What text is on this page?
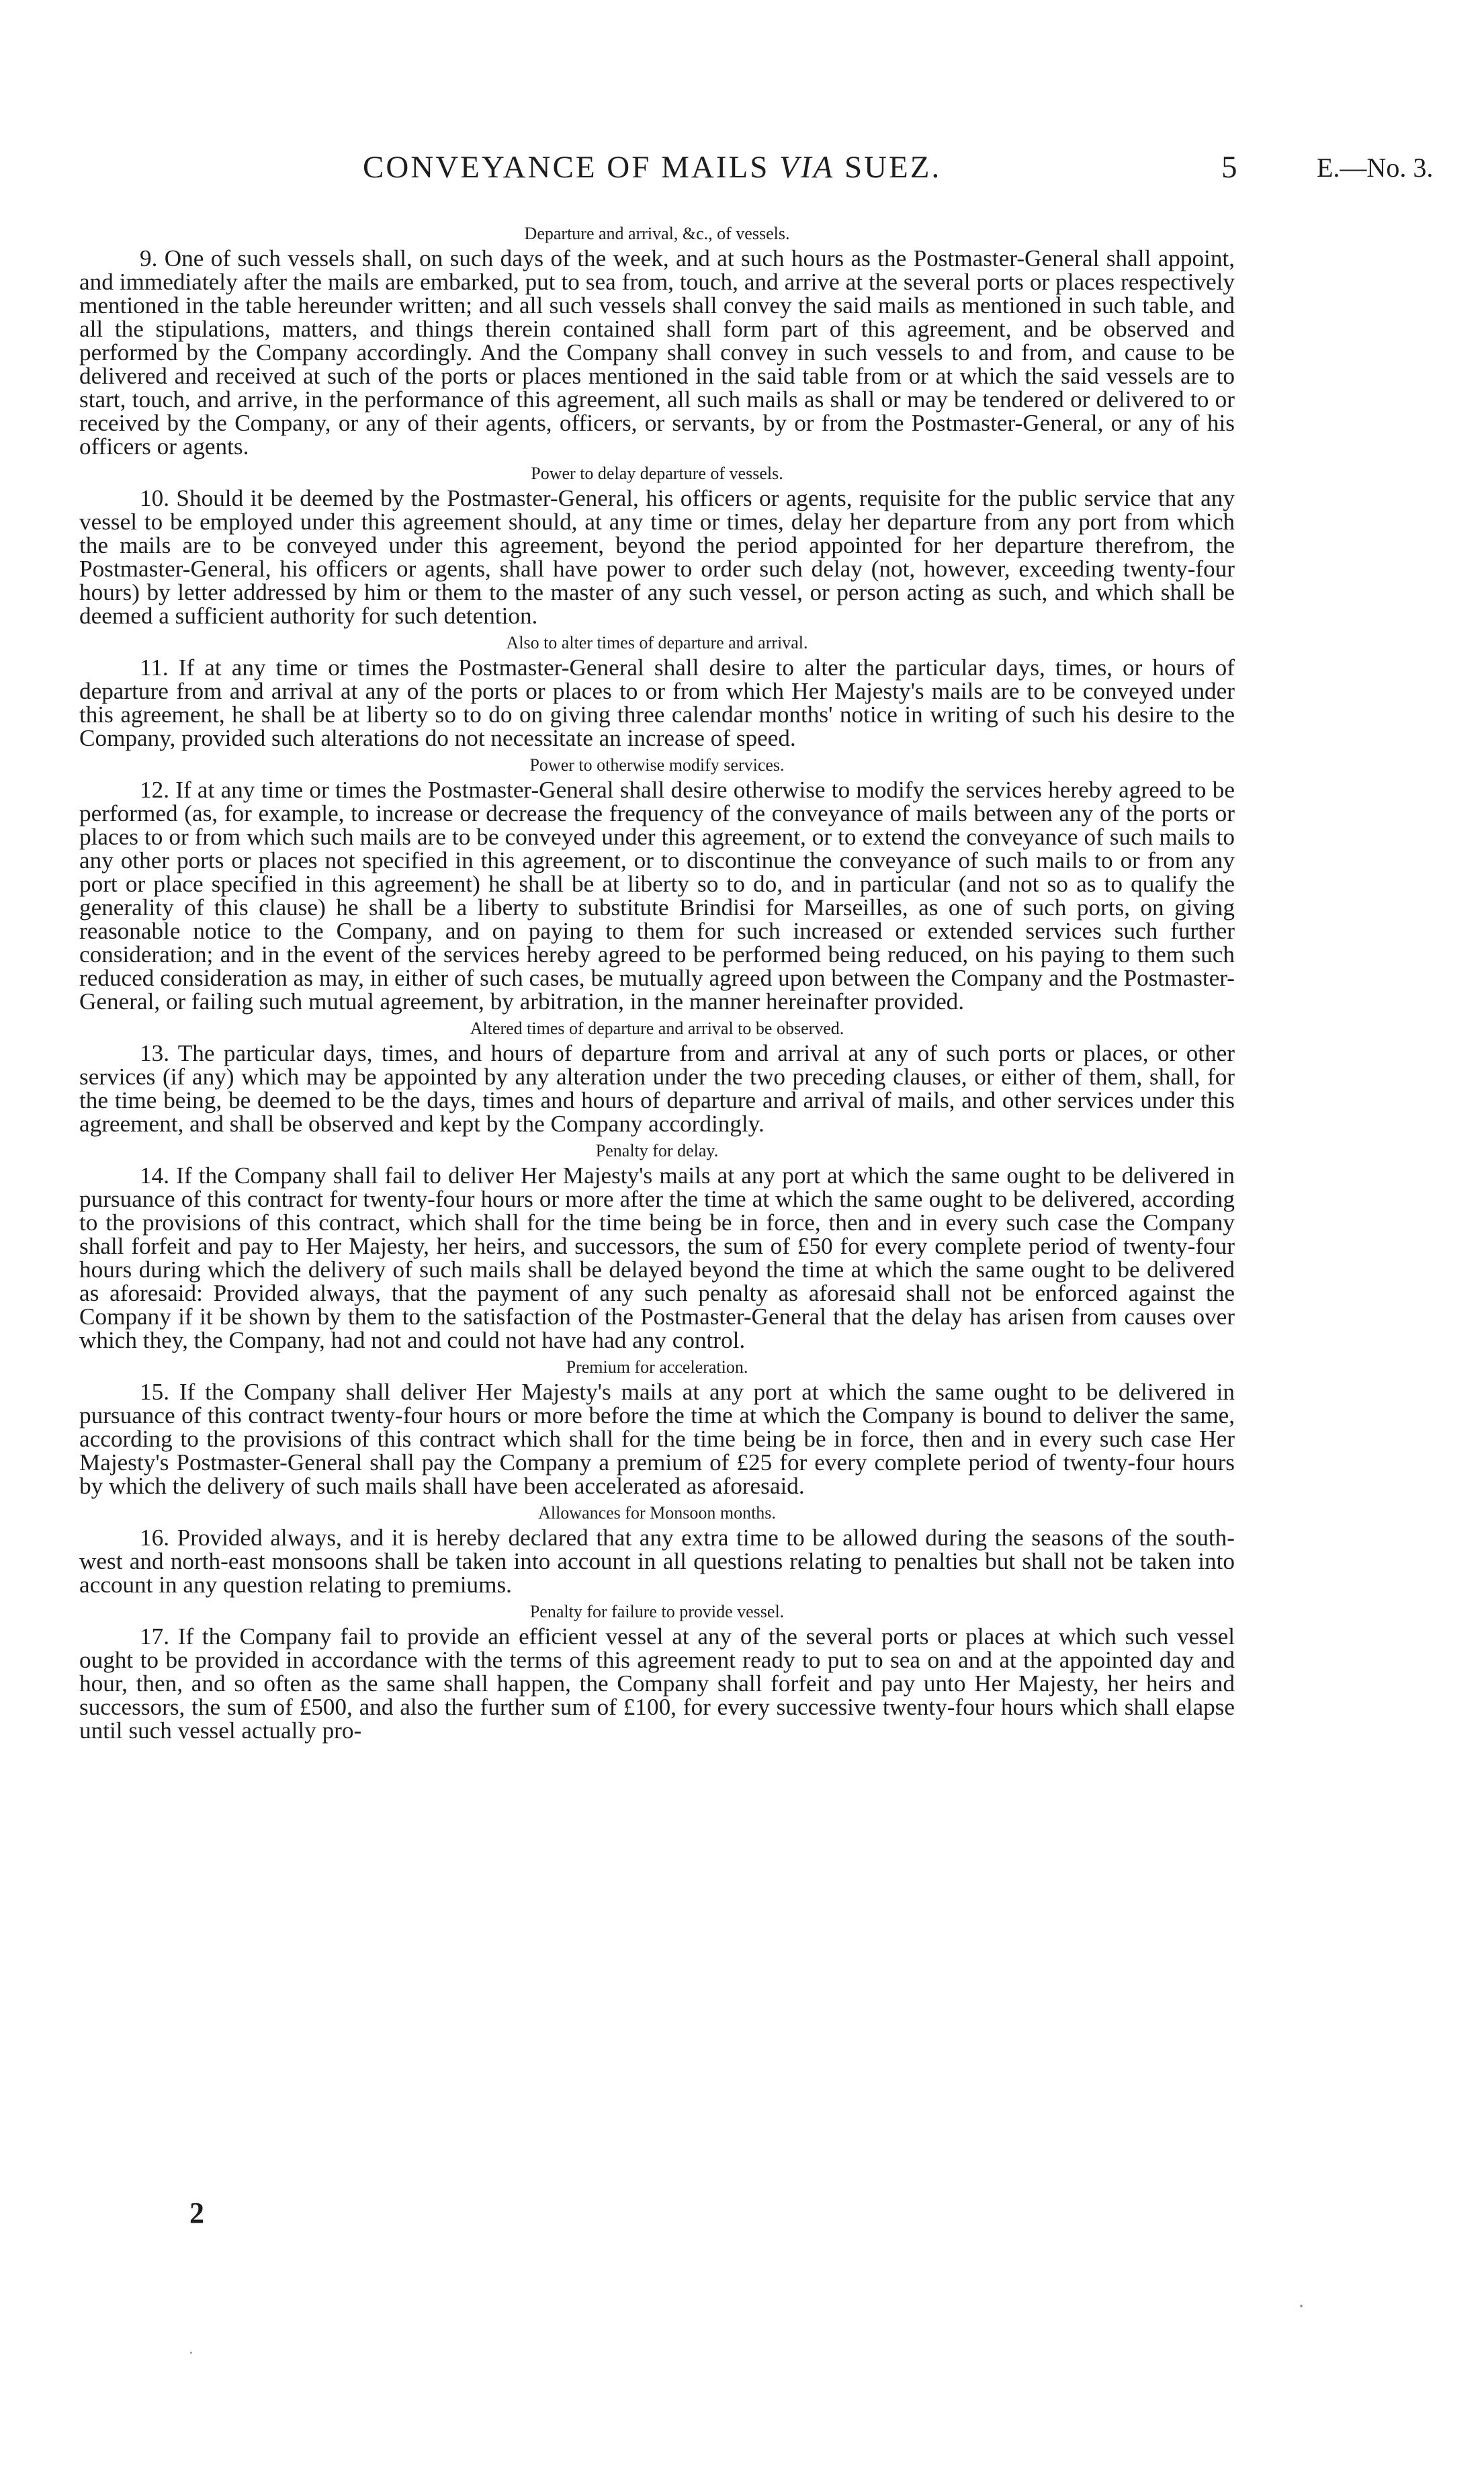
CONVEYANCE OF MAILS VIA SUEZ.	5	E.—No. 3.
Departure and arrival, &c., of vessels.

9. One of such vessels shall, on such days of the week, and at such hours as the Postmaster-General shall appoint, and immediately after the mails are embarked, put to sea from, touch, and arrive at the several ports or places respectively mentioned in the table hereunder written; and all such vessels shall convey the said mails as mentioned in such table, and all the stipulations, matters, and things therein contained shall form part of this agreement, and be observed and performed by the Company accordingly. And the Company shall convey in such vessels to and from, and cause to be delivered and received at such of the ports or places mentioned in the said table from or at which the said vessels are to start, touch, and arrive, in the performance of this agreement, all such mails as shall or may be tendered or delivered to or received by the Company, or any of their agents, officers, or servants, by or from the Postmaster-General, or any of his officers or agents.

Power to delay departure of vessels.

10. Should it be deemed by the Postmaster-General, his officers or agents, requisite for the public service that any vessel to be employed under this agreement should, at any time or times, delay her departure from any port from which the mails are to be conveyed under this agreement, beyond the period appointed for her departure therefrom, the Postmaster-General, his officers or agents, shall have power to order such delay (not, however, exceeding twenty-four hours) by letter addressed by him or them to the master of any such vessel, or person acting as such, and which shall be deemed a sufficient authority for such detention.

Also to alter times of departure and arrival.

11. If at any time or times the Postmaster-General shall desire to alter the particular days, times, or hours of departure from and arrival at any of the ports or places to or from which Her Majesty's mails are to be conveyed under this agreement, he shall be at liberty so to do on giving three calendar months' notice in writing of such his desire to the Company, provided such alterations do not necessitate an increase of speed.

Power to otherwise modify services.

12. If at any time or times the Postmaster-General shall desire otherwise to modify the services hereby agreed to be performed (as, for example, to increase or decrease the frequency of the conveyance of mails between any of the ports or places to or from which such mails are to be conveyed under this agreement, or to extend the conveyance of such mails to any other ports or places not specified in this agreement, or to discontinue the conveyance of such mails to or from any port or place specified in this agreement) he shall be at liberty so to do, and in particular (and not so as to qualify the generality of this clause) he shall be a liberty to substitute Brindisi for Marseilles, as one of such ports, on giving reasonable notice to the Company, and on paying to them for such increased or extended services such further consideration; and in the event of the services hereby agreed to be performed being reduced, on his paying to them such reduced consideration as may, in either of such cases, be mutually agreed upon between the Company and the Postmaster-General, or failing such mutual agreement, by arbitration, in the manner hereinafter provided.

Altered times of departure and arrival to be observed.

13. The particular days, times, and hours of departure from and arrival at any of such ports or places, or other services (if any) which may be appointed by any alteration under the two preceding clauses, or either of them, shall, for the time being, be deemed to be the days, times and hours of departure and arrival of mails, and other services under this agreement, and shall be observed and kept by the Company accordingly.

Penalty for delay.

14. If the Company shall fail to deliver Her Majesty's mails at any port at which the same ought to be delivered in pursuance of this contract for twenty-four hours or more after the time at which the same ought to be delivered, according to the provisions of this contract, which shall for the time being be in force, then and in every such case the Company shall forfeit and pay to Her Majesty, her heirs, and successors, the sum of £50 for every complete period of twenty-four hours during which the delivery of such mails shall be delayed beyond the time at which the same ought to be delivered as aforesaid: Provided always, that the payment of any such penalty as aforesaid shall not be enforced against the Company if it be shown by them to the satisfaction of the Postmaster-General that the delay has arisen from causes over which they, the Company, had not and could not have had any control.

Premium for acceleration.

15. If the Company shall deliver Her Majesty's mails at any port at which the same ought to be delivered in pursuance of this contract twenty-four hours or more before the time at which the Company is bound to deliver the same, according to the provisions of this contract which shall for the time being be in force, then and in every such case Her Majesty's Postmaster-General shall pay the Company a premium of £25 for every complete period of twenty-four hours by which the delivery of such mails shall have been accelerated as aforesaid.

Allowances for Monsoon months.

16. Provided always, and it is hereby declared that any extra time to be allowed during the seasons of the south-west and north-east monsoons shall be taken into account in all questions relating to penalties but shall not be taken into account in any question relating to premiums.

Penalty for failure to provide vessel.

17. If the Company fail to provide an efficient vessel at any of the several ports or places at which such vessel ought to be provided in accordance with the terms of this agreement ready to put to sea on and at the appointed day and hour, then, and so often as the same shall happen, the Company shall forfeit and pay unto Her Majesty, her heirs and successors, the sum of £500, and also the further sum of £100, for every successive twenty-four hours which shall elapse until such vessel actually pro-

2
